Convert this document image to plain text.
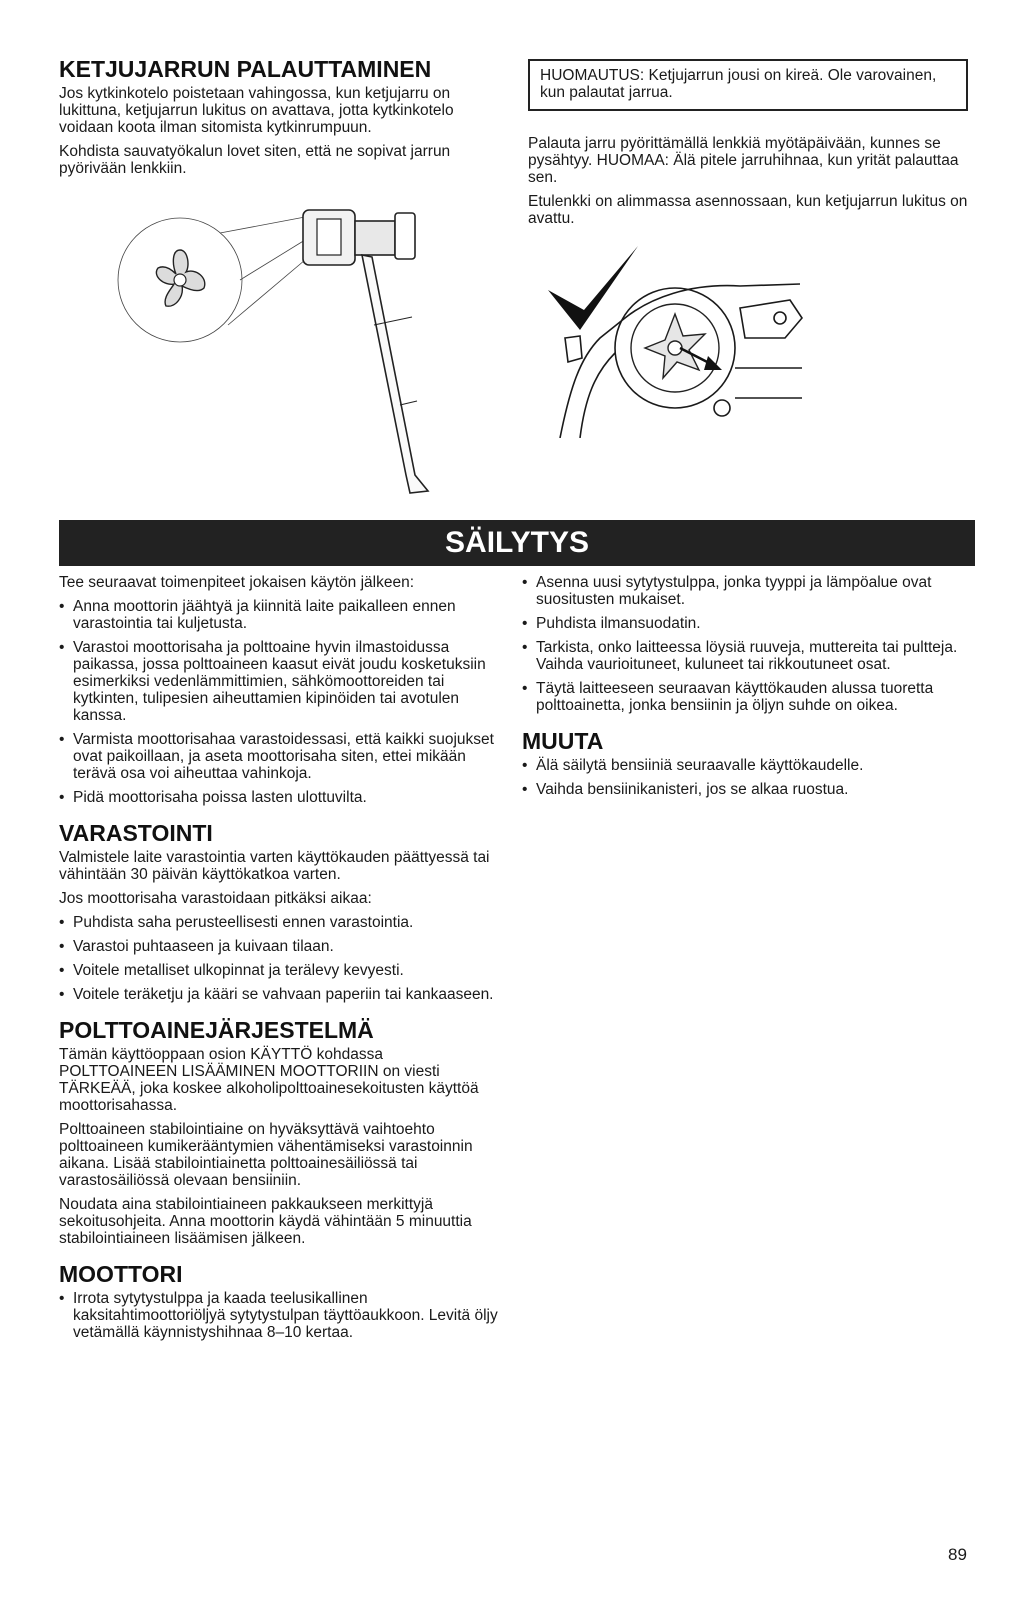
KETJUJARRUN PALAUTTAMINEN

Jos kytkinkotelo poistetaan vahingossa, kun ketjujarru on lukittuna, ketjujarrun lukitus on avattava, jotta kytkinkotelo voidaan koota ilman sitomista kytkinrumpuun.

Kohdista sauvatyökalun lovet siten, että ne sopivat jarrun pyörivään lenkkiin.

HUOMAUTUS: Ketjujarrun jousi on kireä. Ole varovainen, kun palautat jarrua.

Palauta jarru pyörittämällä lenkkiä myötäpäivään, kunnes se pysähtyy. HUOMAA: Älä pitele jarruhihnaa, kun yrität palauttaa sen.

Etulenkki on alimmassa asennossaan, kun ketjujarrun lukitus on avattu.

SÄILYTYS

Tee seuraavat toimenpiteet jokaisen käytön jälkeen:

• Anna moottorin jäähtyä ja kiinnitä laite paikalleen ennen varastointia tai kuljetusta.
• Varastoi moottorisaha ja polttoaine hyvin ilmastoidussa paikassa, jossa polttoaineen kaasut eivät joudu kosketuksiin esimerkiksi vedenlämmittimien, sähkömoottoreiden tai kytkinten, tulipesien aiheuttamien kipinöiden tai avotulen kanssa.
• Varmista moottorisahaa varastoidessasi, että kaikki suojukset ovat paikoillaan, ja aseta moottorisaha siten, ettei mikään terävä osa voi aiheuttaa vahinkoja.
• Pidä moottorisaha poissa lasten ulottuvilta.
VARASTOINTI

Valmistele laite varastointia varten käyttökauden päättyessä tai vähintään 30 päivän käyttökatkoa varten.

Jos moottorisaha varastoidaan pitkäksi aikaa:

• Puhdista saha perusteellisesti ennen varastointia.
• Varastoi puhtaaseen ja kuivaan tilaan.
• Voitele metalliset ulkopinnat ja terälevy kevyesti.
• Voitele teräketju ja kääri se vahvaan paperiin tai kankaaseen.
POLTTOAINEJÄRJESTELMÄ

Tämän käyttöoppaan osion KÄYTTÖ kohdassa POLTTOAINEEN LISÄÄMINEN MOOTTORIIN on viesti TÄRKEÄÄ, joka koskee alkoholipolttoainesekoitusten käyttöä moottorisahassa.

Polttoaineen stabilointiaine on hyväksyttävä vaihtoehto polttoaineen kumikerääntymien vähentämiseksi varastoinnin aikana. Lisää stabilointiainetta polttoainesäiliössä tai varastosäiliössä olevaan bensiiniin.

Noudata aina stabilointiaineen pakkaukseen merkittyjä sekoitusohjeita. Anna moottorin käydä vähintään 5 minuuttia stabilointiaineen lisäämisen jälkeen.

MOOTTORI
• Irrota sytytystulppa ja kaada teelusikallinen kaksitahtimoottoriöljyä sytytystulpan täyttöaukkoon. Levitä öljy vetämällä käynnistyshihnaa 8–10 kertaa.
• Asenna uusi sytytystulppa, jonka tyyppi ja lämpöalue ovat suositusten mukaiset.
• Puhdista ilmansuodatin.
• Tarkista, onko laitteessa löysiä ruuveja, muttereita tai pultteja. Vaihda vaurioituneet, kuluneet tai rikkoutuneet osat.
• Täytä laitteeseen seuraavan käyttökauden alussa tuoretta polttoainetta, jonka bensiinin ja öljyn suhde on oikea.
MUUTA
• Älä säilytä bensiiniä seuraavalle käyttökaudelle.
• Vaihda bensiinikanisteri, jos se alkaa ruostua.
89
